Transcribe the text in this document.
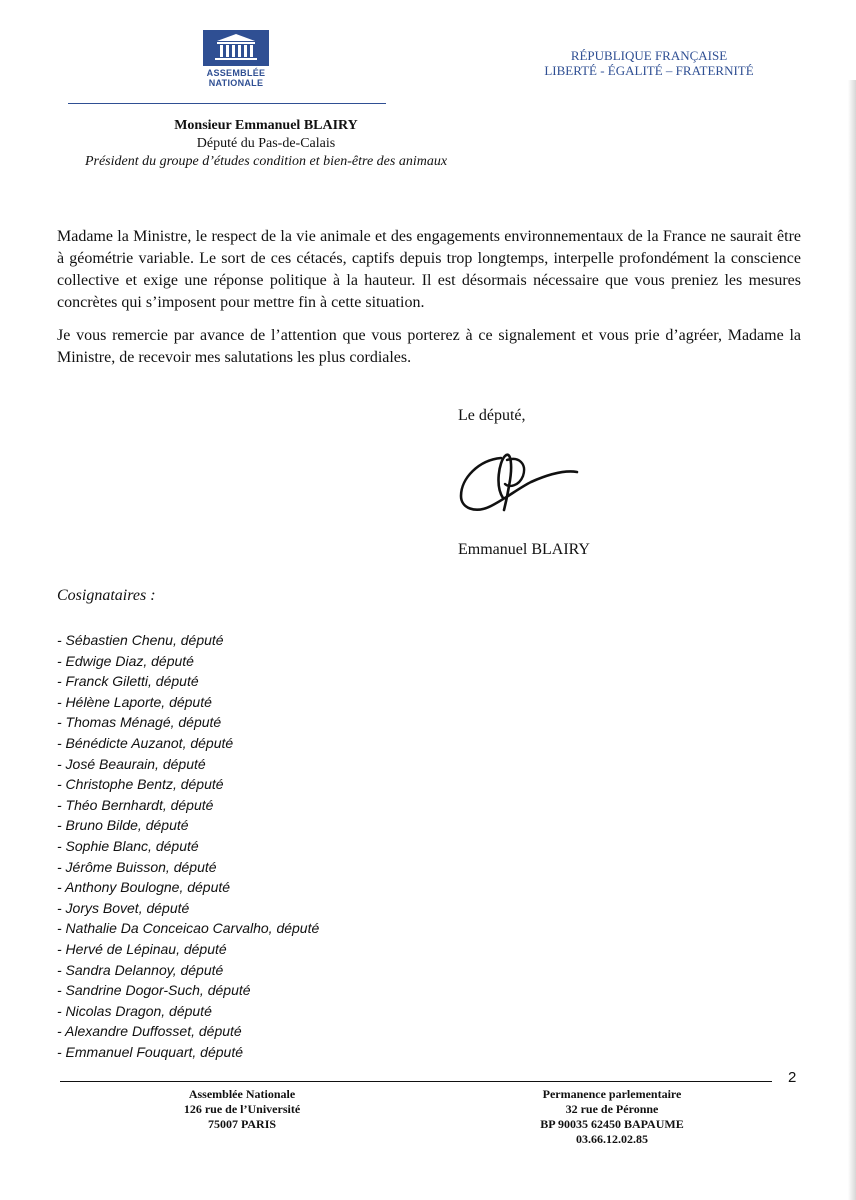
ASSEMBLÉE
NATIONALE
RÉPUBLIQUE FRANÇAISE
LIBERTÉ - ÉGALITÉ – FRATERNITÉ
Monsieur Emmanuel BLAIRY
Député du Pas-de-Calais
Président du groupe d’études condition et bien-être des animaux
Madame la Ministre, le respect de la vie animale et des engagements environnementaux de la France ne saurait être à géométrie variable. Le sort de ces cétacés, captifs depuis trop longtemps, interpelle profondément la conscience collective et exige une réponse politique à la hauteur. Il est désormais nécessaire que vous preniez les mesures concrètes qui s’imposent pour mettre fin à cette situation.
Je vous remercie par avance de l’attention que vous porterez à ce signalement et vous prie d’agréer, Madame la Ministre, de recevoir mes salutations les plus cordiales.
Le député,
Emmanuel BLAIRY
Cosignataires :
- Sébastien Chenu, député
- Edwige Diaz, député
- Franck Giletti, député
- Hélène Laporte, député
- Thomas Ménagé, député
- Bénédicte Auzanot, député
- José Beaurain, député
- Christophe Bentz, député
- Théo Bernhardt, député
- Bruno Bilde, député
- Sophie Blanc, député
- Jérôme Buisson, député
- Anthony Boulogne, député
- Jorys Bovet, député
- Nathalie Da Conceicao Carvalho, député
- Hervé de Lépinau, député
- Sandra Delannoy, député
- Sandrine Dogor-Such, député
- Nicolas Dragon, député
- Alexandre Duffosset, député
- Emmanuel Fouquart, député
2
Assemblée Nationale
126 rue de l’Université
75007 PARIS
Permanence parlementaire
32 rue de Péronne
BP 90035 62450 BAPAUME
03.66.12.02.85
